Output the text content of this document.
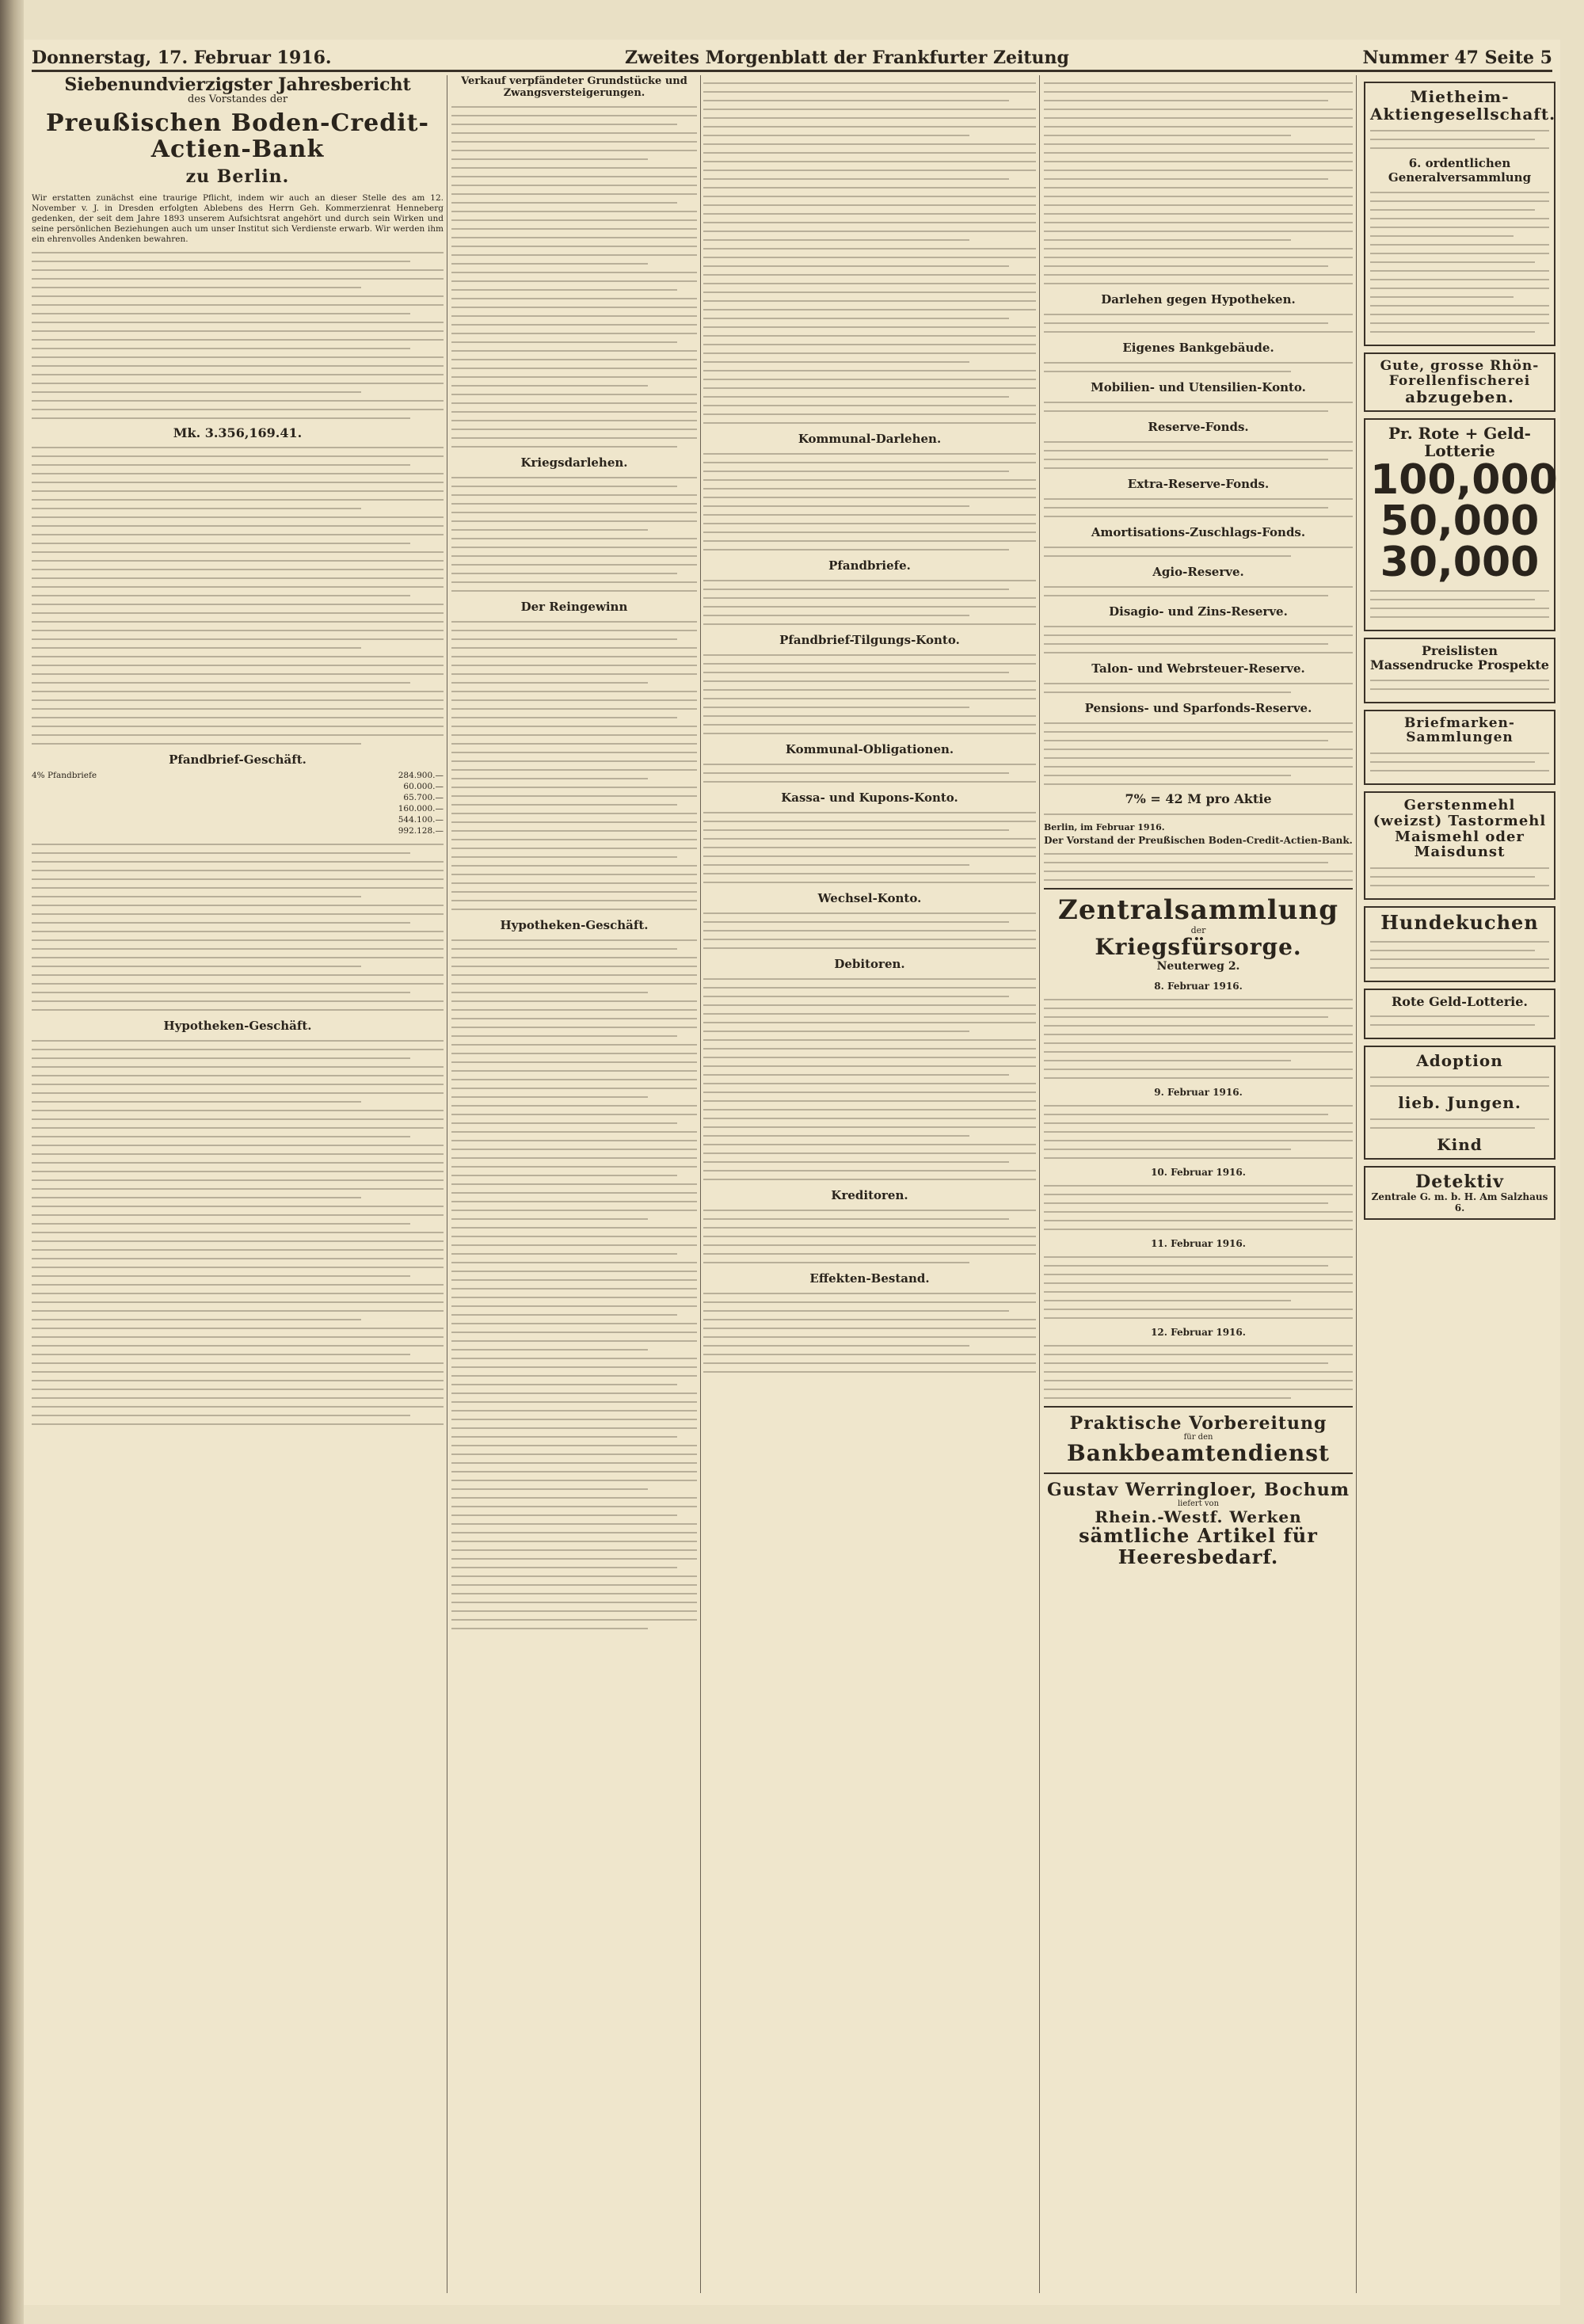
Donnerstag, 17. Februar 1916.	Zweites Morgenblatt der Frankfurter Zeitung	Nummer 47 Seite 5
Siebenundvierzigster Jahresbericht
des Vorstandes der
Preußischen Boden-Credit-Actien-Bank
zu Berlin.

Wir erstatten zunächst eine traurige Pflicht, indem wir auch an dieser Stelle des am 12. November v. J. in Dresden erfolgten Ablebens des Herrn Geh. Kommerzienrat Henneberg gedenken, der seit dem Jahre 1893 unserem Aufsichtsrat angehört und durch sein Wirken und seine persönlichen Beziehungen auch um unser Institut sich Verdienste erwarb. Wir werden ihm ein ehrenvolles Andenken bewahren.

Mk. 3.356,169.41.
Pfandbrief-Geschäft.
4% Pfandbriefe	284.900.—
60.000.—
65.700.—
160.000.—
544.100.—
992.128.—
Hypotheken-Geschäft.
Verkauf verpfändeter Grundstücke und Zwangsversteigerungen.
Kriegsdarlehen.
Der Reingewinn
Hypotheken-Geschäft.
Kommunal-Darlehen.
Pfandbriefe.
Pfandbrief-Tilgungs-Konto.
Kommunal-Obligationen.
Kassa- und Kupons-Konto.
Wechsel-Konto.
Debitoren.
Kreditoren.
Effekten-Bestand.
Darlehen gegen Hypotheken.
Eigenes Bankgebäude.
Mobilien- und Utensilien-Konto.
Reserve-Fonds.
Extra-Reserve-Fonds.
Amortisations-Zuschlags-Fonds.
Agio-Reserve.
Disagio- und Zins-Reserve.
Talon- und Webrsteuer-Reserve.
Pensions- und Sparfonds-Reserve.
7% = 42 M pro Aktie
Berlin, im Februar 1916.
Der Vorstand der Preußischen Boden-Credit-Actien-Bank.
Zentralsammlung
der
Kriegsfürsorge.
Neuterweg 2.
8. Februar 1916.
9. Februar 1916.
10. Februar 1916.
11. Februar 1916.
12. Februar 1916.
Praktische Vorbereitung
für den
Bankbeamtendienst
Gustav Werringloer, Bochum
liefert von
Rhein.-Westf. Werken
sämtliche Artikel für Heeresbedarf.
Mietheim-Aktiengesellschaft.
6. ordentlichen Generalversammlung
Gute, grosse Rhön-Forellenfischerei
abzugeben.
Pr. Rote + Geld-Lotterie
100,000
50,000
30,000
Preislisten Massendrucke Prospekte
Briefmarken-Sammlungen
Gerstenmehl (weizst) Tastormehl Maismehl oder Maisdunst
Hundekuchen
Rote Geld-Lotterie.
Adoption
lieb. Jungen.
Kind
Detektiv
Zentrale G. m. b. H. Am Salzhaus 6.
